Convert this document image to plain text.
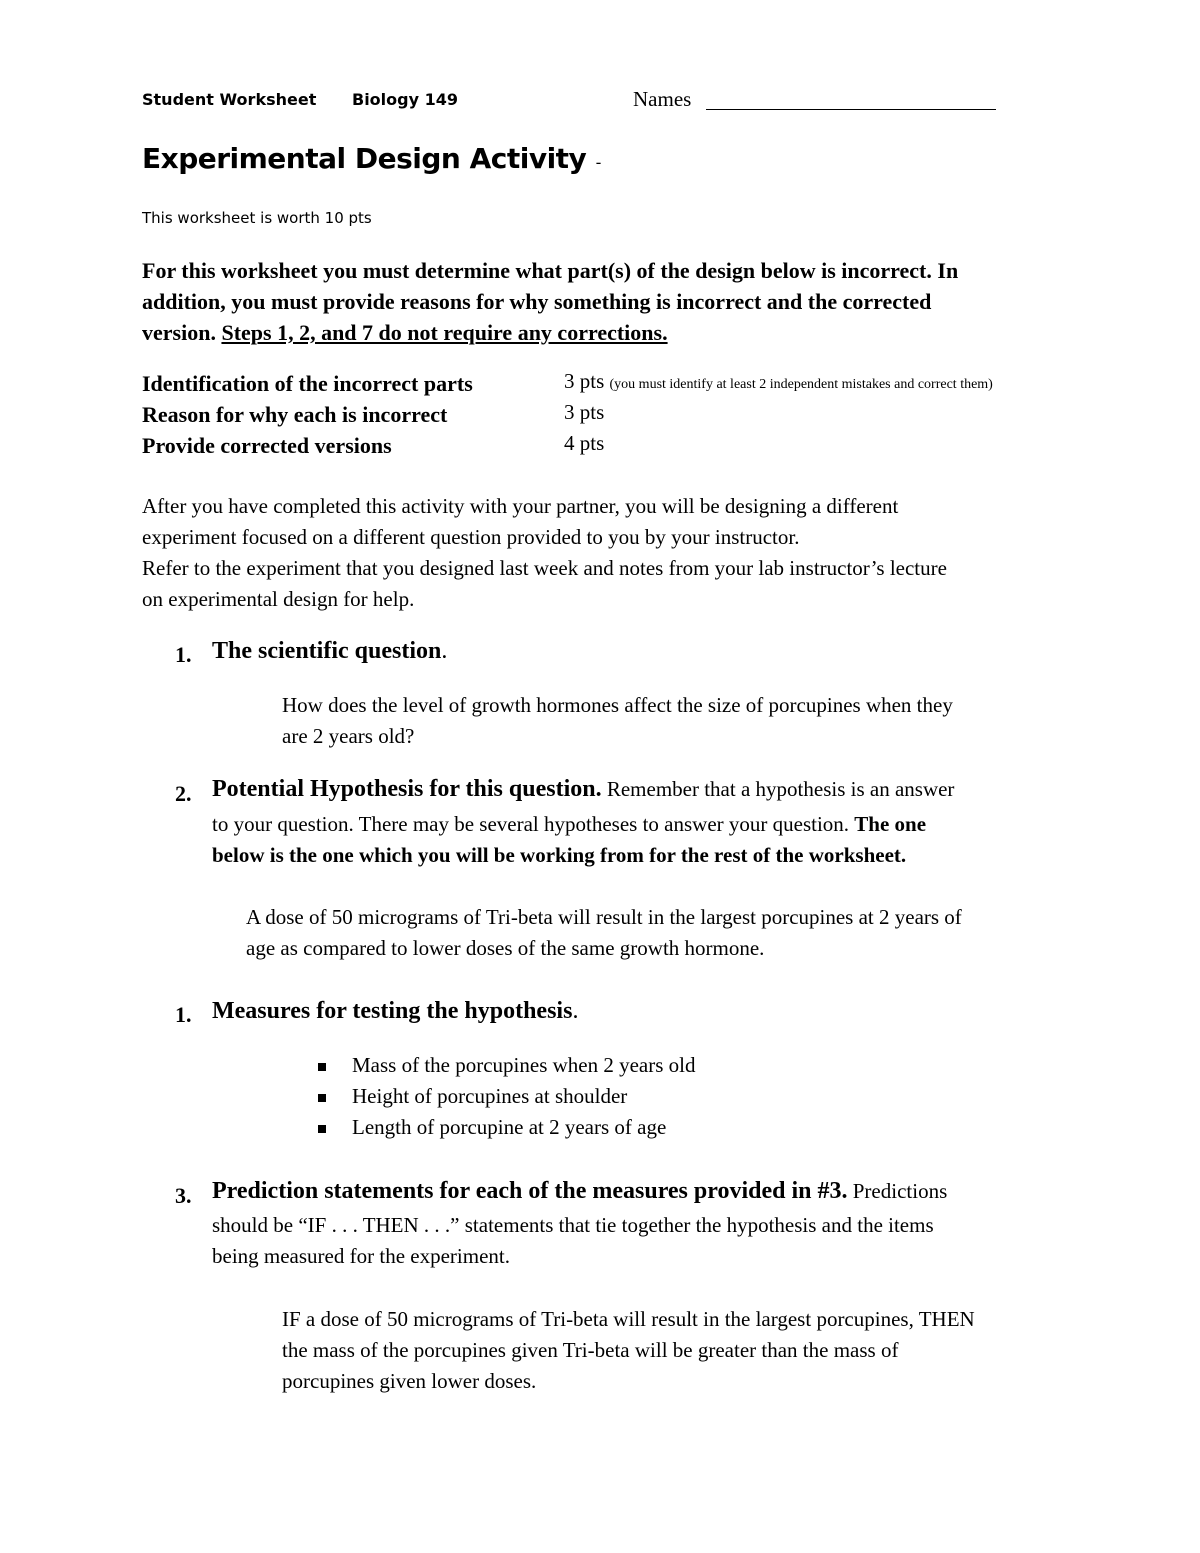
Student Worksheet Biology 149	Names
Experimental Design Activity -
This worksheet is worth 10 pts
For this worksheet you must determine what part(s) of the design below is incorrect. In
addition, you must provide reasons for why something is incorrect and the corrected
version. Steps 1, 2, and 7 do not require any corrections.
Identification of the incorrect parts	3 pts (you must identify at least 2 independent mistakes and correct them)
Reason for why each is incorrect	3 pts
Provide corrected versions	4 pts
After you have completed this activity with your partner, you will be designing a different
experiment focused on a different question provided to you by your instructor.
Refer to the experiment that you designed last week and notes from your lab instructor’s lecture
on experimental design for help.
1. The scientific question.
How does the level of growth hormones affect the size of porcupines when they
are 2 years old?
2. Potential Hypothesis for this question. Remember that a hypothesis is an answer
to your question. There may be several hypotheses to answer your question. The one
below is the one which you will be working from for the rest of the worksheet.
A dose of 50 micrograms of Tri-beta will result in the largest porcupines at 2 years of
age as compared to lower doses of the same growth hormone.
1. Measures for testing the hypothesis.
Mass of the porcupines when 2 years old
Height of porcupines at shoulder
Length of porcupine at 2 years of age
3. Prediction statements for each of the measures provided in #3. Predictions
should be “IF . . . THEN . . .” statements that tie together the hypothesis and the items
being measured for the experiment.
IF a dose of 50 micrograms of Tri-beta will result in the largest porcupines, THEN
the mass of the porcupines given Tri-beta will be greater than the mass of
porcupines given lower doses.
